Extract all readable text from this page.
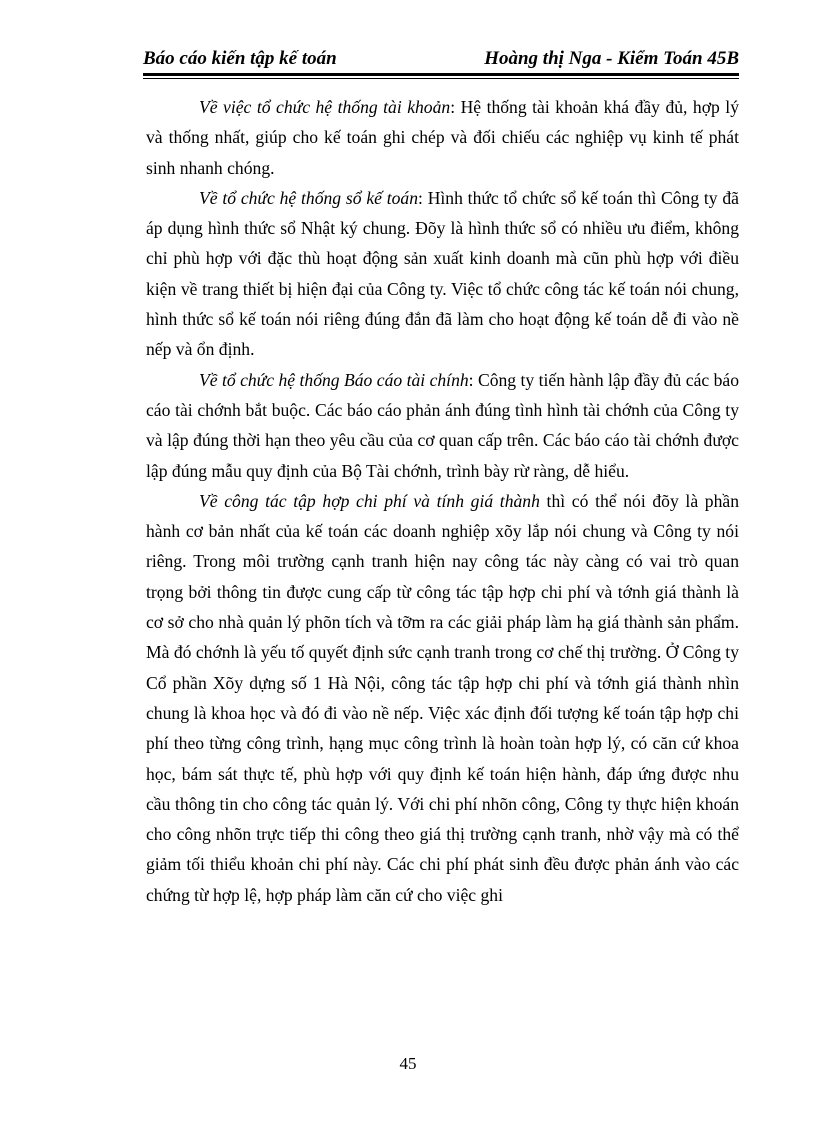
Báo cáo kiến tập kế toán	Hoàng thị Nga - Kiểm Toán 45B

Về việc tổ chức hệ thống tài khoản: Hệ thống tài khoản khá đầy đủ, hợp lý và thống nhất, giúp cho kế toán ghi chép và đối chiếu các nghiệp vụ kinh tế phát sinh nhanh chóng.

Về tổ chức hệ thống sổ kế toán: Hình thức tổ chức sổ kế toán thì Công ty đã áp dụng hình thức sổ Nhật ký chung. Đõy là hình thức sổ có nhiều ưu điểm, không chỉ phù hợp với đặc thù hoạt động sản xuất kinh doanh mà cũn phù hợp với điều kiện về trang thiết bị hiện đại của Công ty. Việc tổ chức công tác kế toán nói chung, hình thức sổ kế toán nói riêng đúng đắn đã làm cho hoạt động kế toán dễ đi vào nề nếp và ổn định.

Về tổ chức hệ thống Báo cáo tài chính: Công ty tiến hành lập đầy đủ các báo cáo tài chớnh bắt buộc. Các báo cáo phản ánh đúng tình hình tài chớnh của Công ty và lập đúng thời hạn theo yêu cầu của cơ quan cấp trên. Các báo cáo tài chớnh được lập đúng mẫu quy định của Bộ Tài chớnh, trình bày rừ ràng, dễ hiểu.

Về công tác tập hợp chi phí và tính giá thành thì có thể nói đõy là phần hành cơ bản nhất của kế toán các doanh nghiệp xõy lắp nói chung và Công ty nói riêng. Trong môi trường cạnh tranh hiện nay công tác này càng có vai trò quan trọng bởi thông tin được cung cấp từ công tác tập hợp chi phí và tớnh giá thành là cơ sở cho nhà quản lý phõn tích và tỡm ra các giải pháp làm hạ giá thành sản phẩm. Mà đó chớnh là yếu tố quyết định sức cạnh tranh trong cơ chế thị trường. Ở Công ty Cổ phần Xõy dựng số 1 Hà Nội, công tác tập hợp chi phí và tớnh giá thành nhìn chung là khoa học và đó đi vào nề nếp. Việc xác định đối tượng kế toán tập hợp chi phí theo từng công trình, hạng mục công trình là hoàn toàn hợp lý, có căn cứ khoa học, bám sát thực tế, phù hợp với quy định kế toán hiện hành, đáp ứng được nhu cầu thông tin cho công tác quản lý. Với chi phí nhõn công, Công ty thực hiện khoán cho công nhõn trực tiếp thi công theo giá thị trường cạnh tranh, nhờ vậy mà có thể giảm tối thiểu khoản chi phí này. Các chi phí phát sinh đều được phản ánh vào các chứng từ hợp lệ, hợp pháp làm căn cứ cho việc ghi

45
